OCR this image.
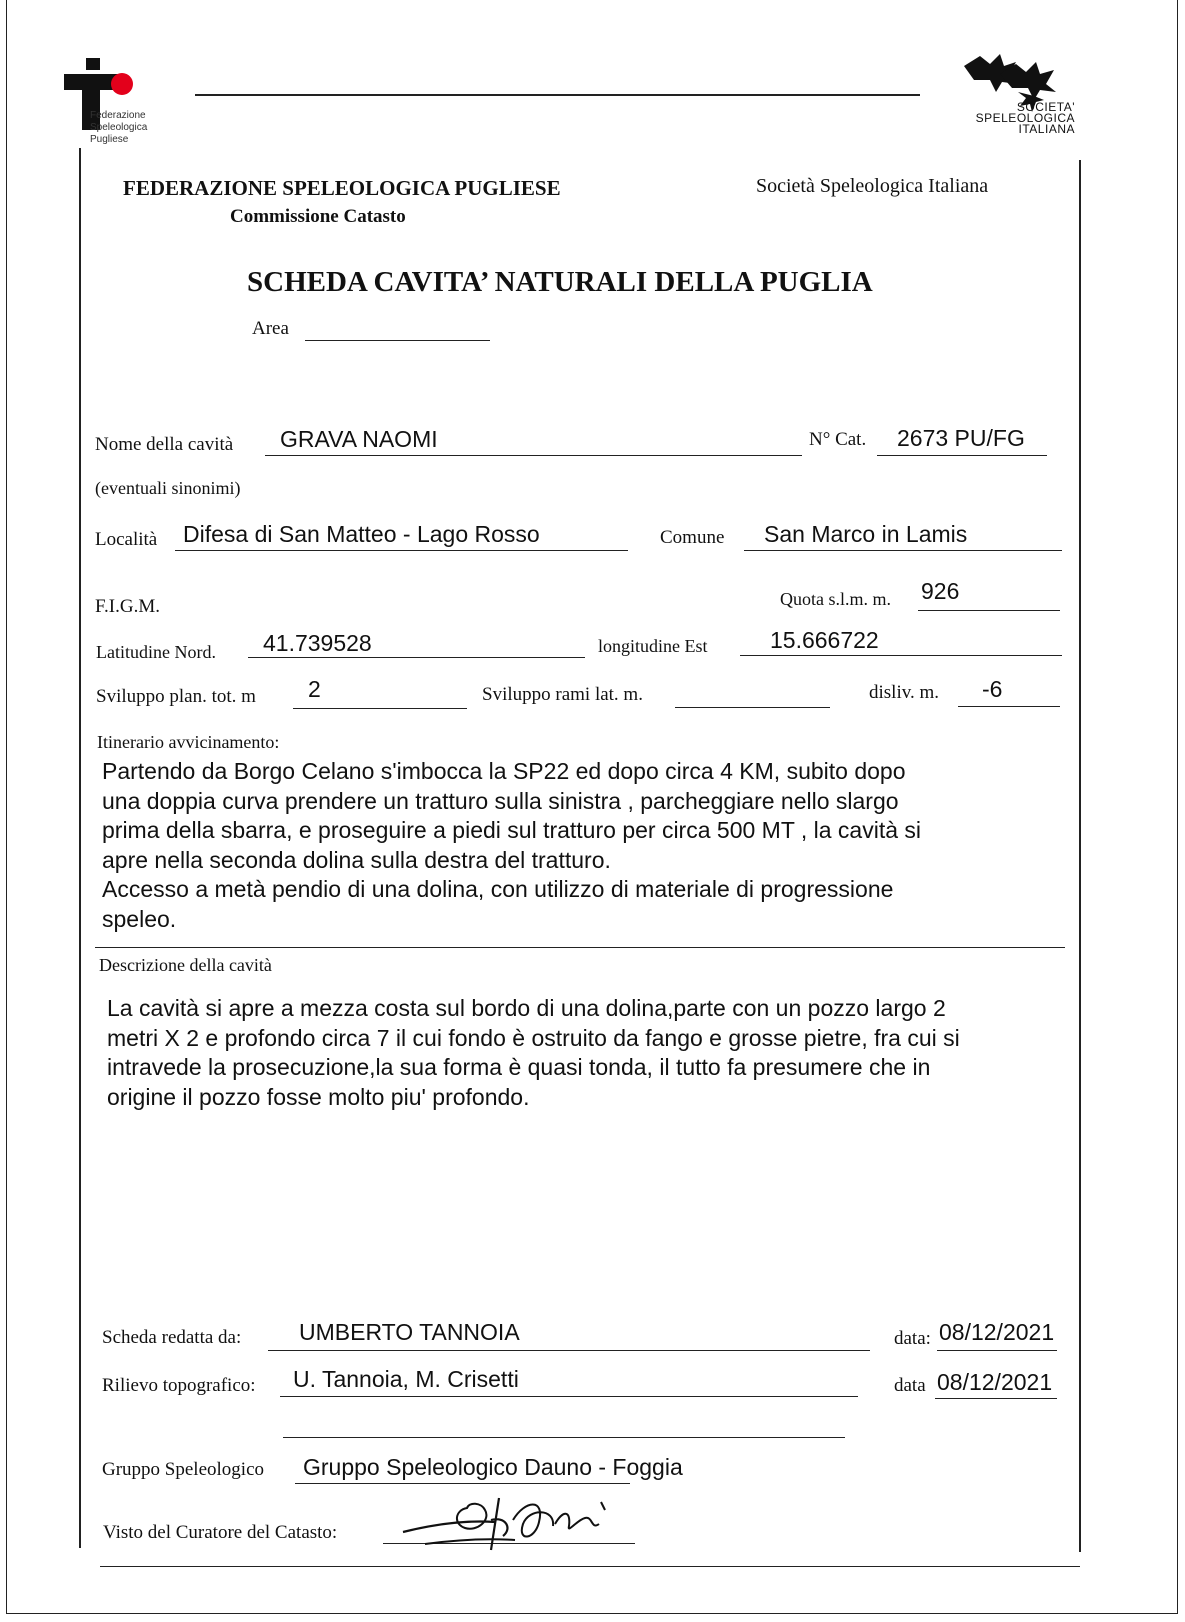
Federazione
Speleologica
Pugliese
SOCIETA'
SPELEOLOGICA
ITALIANA
FEDERAZIONE SPELEOLOGICA PUGLIESE
Commissione Catasto
Società Speleologica Italiana
SCHEDA CAVITA’ NATURALI DELLA PUGLIA
Area
Nome della cavità GRAVA NAOMI	N° Cat. 2673 PU/FG
(eventuali sinonimi)
Località Difesa di San Matteo - Lago Rosso	Comune San Marco in Lamis
F.I.G.M.	Quota s.l.m. m. 926
Latitudine Nord. 41.739528	longitudine Est	15.666722
Sviluppo plan. tot. m 2	Sviluppo rami lat. m.	disliv. m. -6
Itinerario avvicinamento:
Partendo da Borgo Celano s'imbocca la SP22 ed dopo circa 4 KM, subito dopo
una doppia curva prendere un tratturo sulla sinistra , parcheggiare nello slargo
prima della sbarra, e proseguire a piedi sul tratturo per circa 500 MT , la cavità si
apre nella seconda dolina sulla destra del tratturo.
Accesso a metà pendio di una dolina, con utilizzo di materiale di progressione
speleo.
Descrizione della cavità
La cavità si apre a mezza costa sul bordo di una dolina,parte con un pozzo largo 2
metri X 2 e profondo circa 7 il cui fondo è ostruito da fango e grosse pietre, fra cui si
intravede la prosecuzione,la sua forma è quasi tonda, il tutto fa presumere che in
origine il pozzo fosse molto piu' profondo.
Scheda redatta da:	UMBERTO TANNOIA	data: 08/12/2021
Rilievo topografico: U. Tannoia, M. Crisetti	data 08/12/2021
Gruppo Speleologico Gruppo Speleologico Dauno - Foggia
Visto del Curatore del Catasto:
